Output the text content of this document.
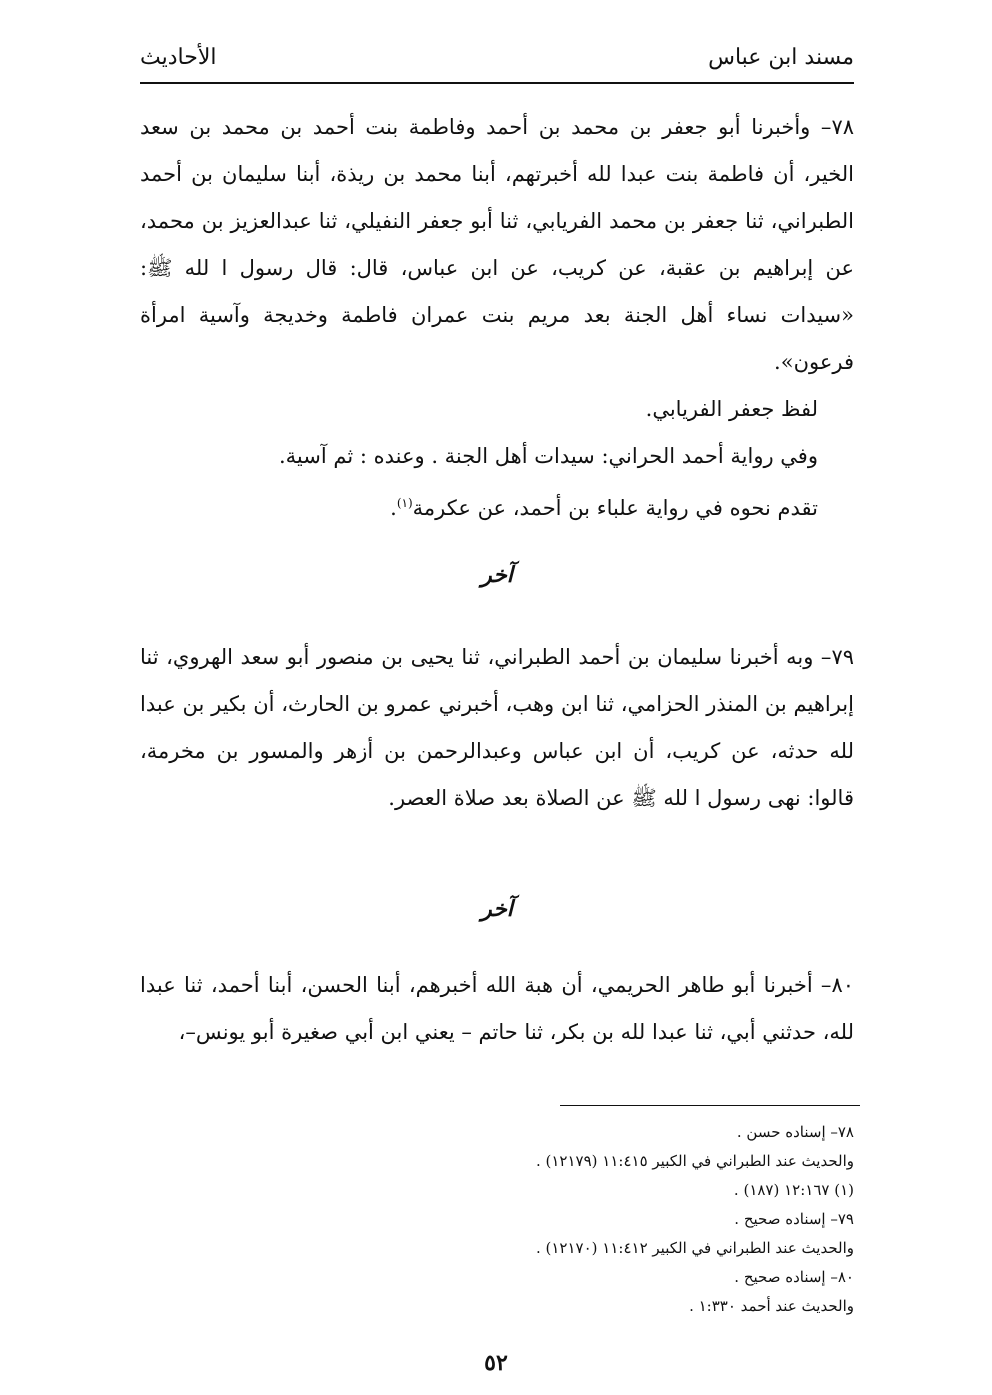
مسند ابن عباس
الأحاديث

٧٨– وأخبرنا أبو جعفر بن محمد بن أحمد وفاطمة بنت أحمد بن محمد بن سعد الخير، أن فاطمة بنت عبدا لله أخبرتهم، أبنا محمد بن ريذة، أبنا سليمان بن أحمد الطبراني، ثنا جعفر بن محمد الفريابي، ثنا أبو جعفر النفيلي، ثنا عبدالعزيز بن محمد، عن إبراهيم بن عقبة، عن كريب، عن ابن عباس، قال: قال رسول ا لله ﷺ: «سيدات نساء أهل الجنة بعد مريم بنت عمران فاطمة وخديجة وآسية امرأة فرعون».

لفظ جعفر الفريابي.

وفي رواية أحمد الحراني: سيدات أهل الجنة . وعنده : ثم آسية.

تقدم نحوه في رواية علباء بن أحمد، عن عكرمة$^{(١)}$.

آخر

٧٩– وبه أخبرنا سليمان بن أحمد الطبراني، ثنا يحيى بن منصور أبو سعد الهروي، ثنا إبراهيم بن المنذر الحزامي، ثنا ابن وهب، أخبرني عمرو بن الحارث، أن بكير بن عبدا لله حدثه، عن كريب، أن ابن عباس وعبدالرحمن بن أزهر والمسور بن مخرمة، قالوا: نهى رسول ا لله ﷺ عن الصلاة بعد صلاة العصر.

آخر

٨٠– أخبرنا أبو طاهر الحريمي، أن هبة الله أخبرهم، أبنا الحسن، أبنا أحمد، ثنا عبدا لله، حدثني أبي، ثنا عبدا لله بن بكر، ثنا حاتم – يعني ابن أبي صغيرة أبو يونس–،

٧٨– إسناده حسن .

والحديث عند الطبراني في الكبير ١١:٤١٥ (١٢١٧٩) .

(١) ١٢:١٦٧ (١٨٧) .

٧٩– إسناده صحيح .

والحديث عند الطبراني في الكبير ١١:٤١٢ (١٢١٧٠) .

٨٠– إسناده صحيح .

والحديث عند أحمد ١:٣٣٠ .

٥٢
